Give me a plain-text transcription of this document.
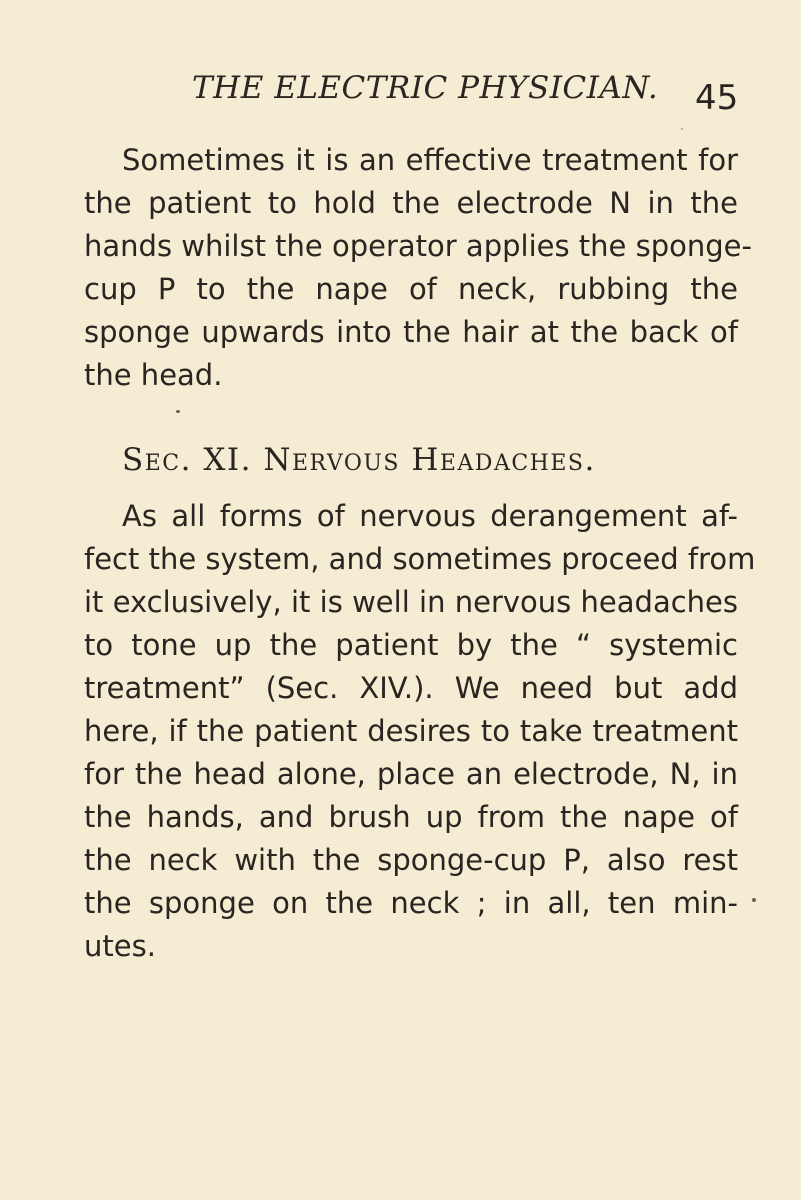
THE ELECTRIC PHYSICIAN. 45
Sometimes it is an effective treatment for
the patient to hold the electrode N in the
hands whilst the operator applies the sponge-
cup P to the nape of neck, rubbing the
sponge upwards into the hair at the back of
the head.
Sec. XI. Nervous Headaches.
As all forms of nervous derangement af-
fect the system, and sometimes proceed from
it exclusively, it is well in nervous headaches
to tone up the patient by the “ systemic
treatment” (Sec. XIV.). We need but add
here, if the patient desires to take treatment
for the head alone, place an electrode, N, in
the hands, and brush up from the nape of
the neck with the sponge-cup P, also rest
the sponge on the neck ; in all, ten min-
utes.
